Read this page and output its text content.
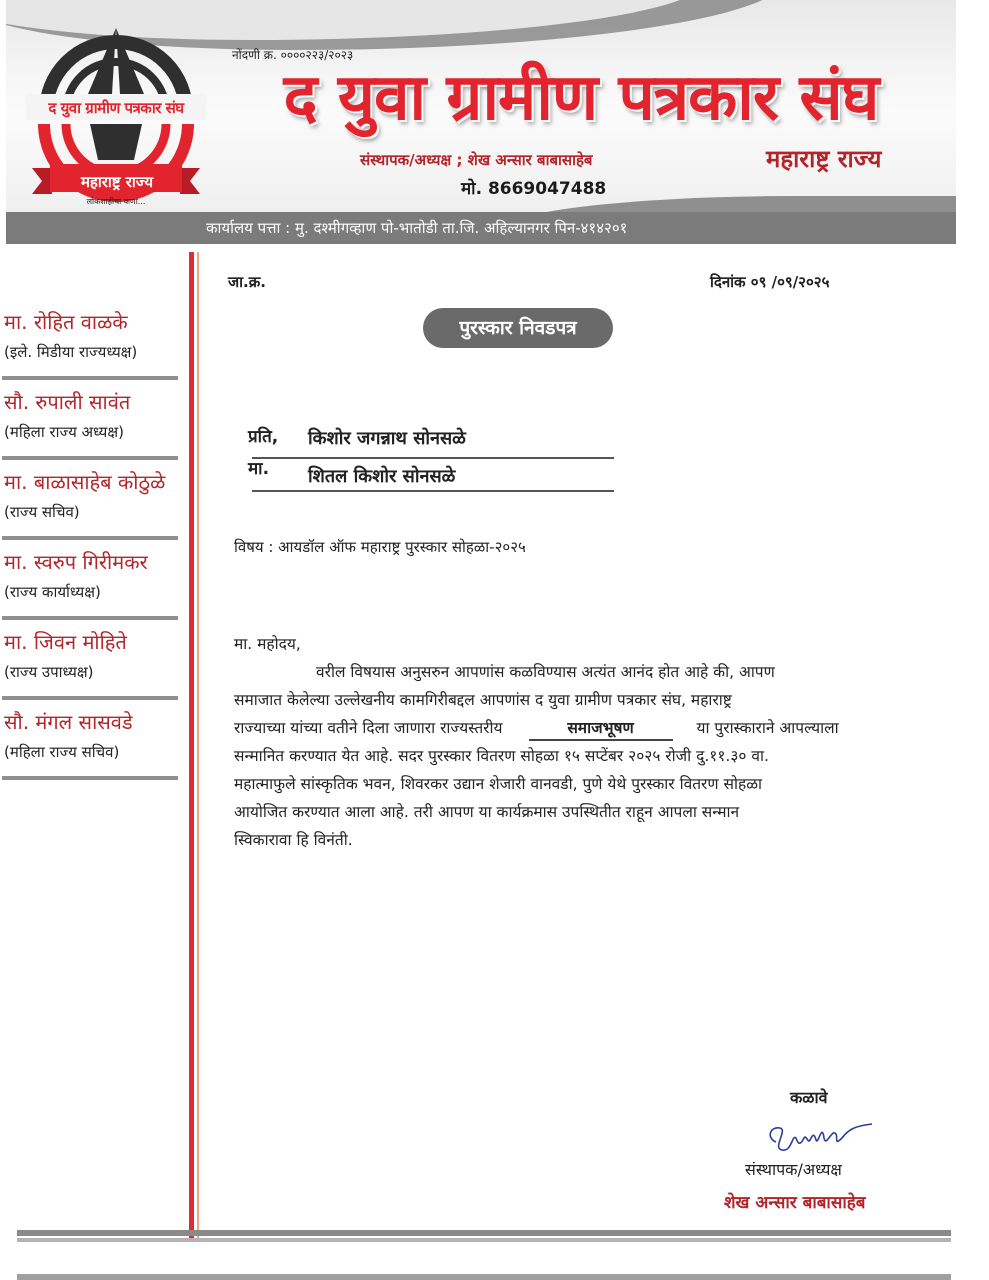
द युवा ग्रामीण पत्रकार संघ
महाराष्ट्र राज्य
लोकशाहीचा कणा...
नोंदणी क्र. ००००२२३/२०२३
द युवा ग्रामीण पत्रकार संघ
संस्थापक/अध्यक्ष ; शेख अन्सार बाबासाहेब	महाराष्ट्र राज्य
मो. 8669047488
कार्यालय पत्ता : मु. दश्मीगव्हाण पो-भातोडी ता.जि. अहिल्यानगर पिन-४१४२०१
मा. रोहित वाळके
(इले. मिडीया राज्यध्यक्ष)
सौ. रुपाली सावंत
(महिला राज्य अध्यक्ष)
मा. बाळासाहेब कोठुळे
(राज्य सचिव)
मा. स्वरुप गिरीमकर
(राज्य कार्याध्यक्ष)
मा. जिवन मोहिते
(राज्य उपाध्यक्ष)
सौ. मंगल सासवडे
(महिला राज्य सचिव)
जा.क्र.	दिनांक ०९ /०९/२०२५
पुरस्कार निवडपत्र
प्रति, किशोर जगन्नाथ सोनसळे
मा. शितल किशोर सोनसळे
विषय : आयडॉल ऑफ महाराष्ट्र पुरस्कार सोहळा-२०२५
मा. महोदय,
वरील विषयास अनुसरुन आपणांस कळविण्यास अत्यंत आनंद होत आहे की, आपण
समाजात केलेल्या उल्लेखनीय कामगिरीबद्दल आपणांस द युवा ग्रामीण पत्रकार संघ, महाराष्ट्र
राज्याच्या यांच्या वतीने दिला जाणारा राज्यस्तरीय	समाजभूषण	या पुरास्काराने आपल्याला
सन्मानित करण्यात येत आहे. सदर पुरस्कार वितरण सोहळा १५ सप्टेंबर २०२५ रोजी दु.११.३० वा.
महात्माफुले सांस्कृतिक भवन, शिवरकर उद्यान शेजारी वानवडी, पुणे येथे पुरस्कार वितरण सोहळा
आयोजित करण्यात आला आहे. तरी आपण या कार्यक्रमास उपस्थितीत राहून आपला सन्मान
स्विकारावा हि विनंती.
कळावे
संस्थापक/अध्यक्ष
शेख अन्सार बाबासाहेब
